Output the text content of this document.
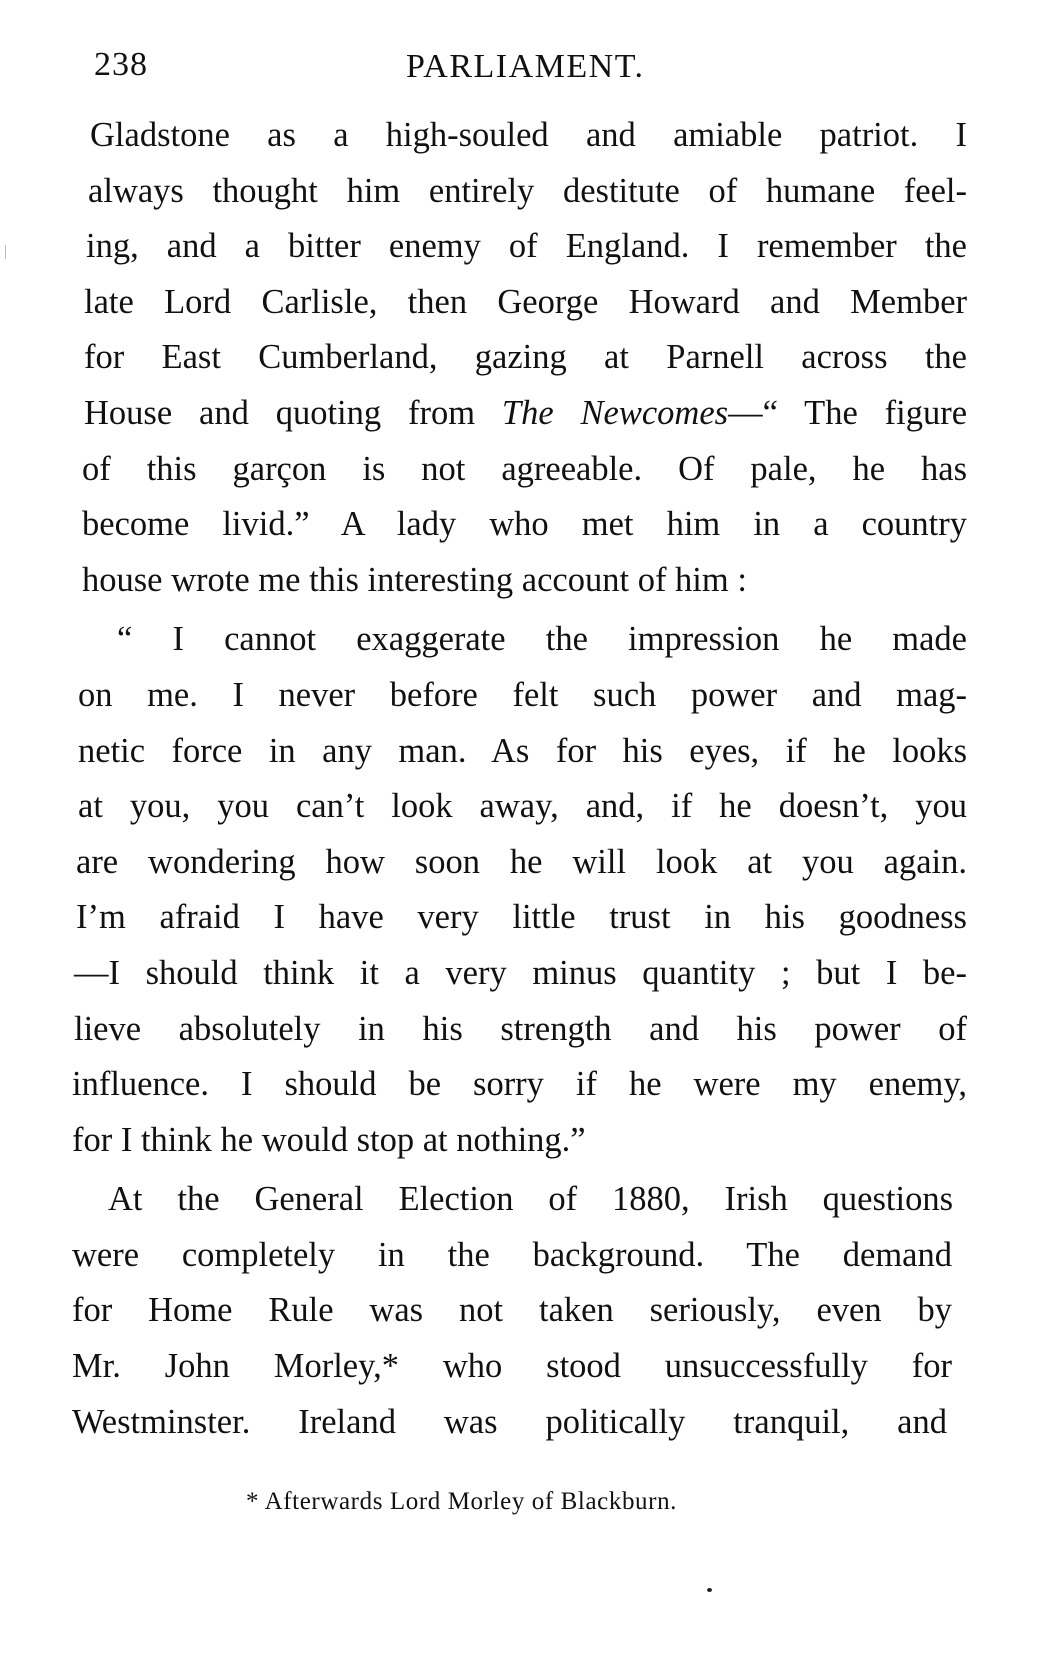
238	PARLIAMENT.
Gladstone as a high-souled and amiable patriot. I
always thought him entirely destitute of humane feel-
ing, and a bitter enemy of England. I remember the
late Lord Carlisle, then George Howard and Member
for East Cumberland, gazing at Parnell across the
House and quoting from The Newcomes—“ The figure
of this garçon is not agreeable. Of pale, he has
become livid.” A lady who met him in a country
house wrote me this interesting account of him :
“ I cannot exaggerate the impression he made
on me. I never before felt such power and mag-
netic force in any man. As for his eyes, if he looks
at you, you can’t look away, and, if he doesn’t, you
are wondering how soon he will look at you again.
I’m afraid I have very little trust in his goodness
—I should think it a very minus quantity ; but I be-
lieve absolutely in his strength and his power of
influence. I should be sorry if he were my enemy,
for I think he would stop at nothing.”
At the General Election of 1880, Irish questions
were completely in the background. The demand
for Home Rule was not taken seriously, even by
Mr. John Morley,* who stood unsuccessfully for
Westminster. Ireland was politically tranquil, and
* Afterwards Lord Morley of Blackburn.
